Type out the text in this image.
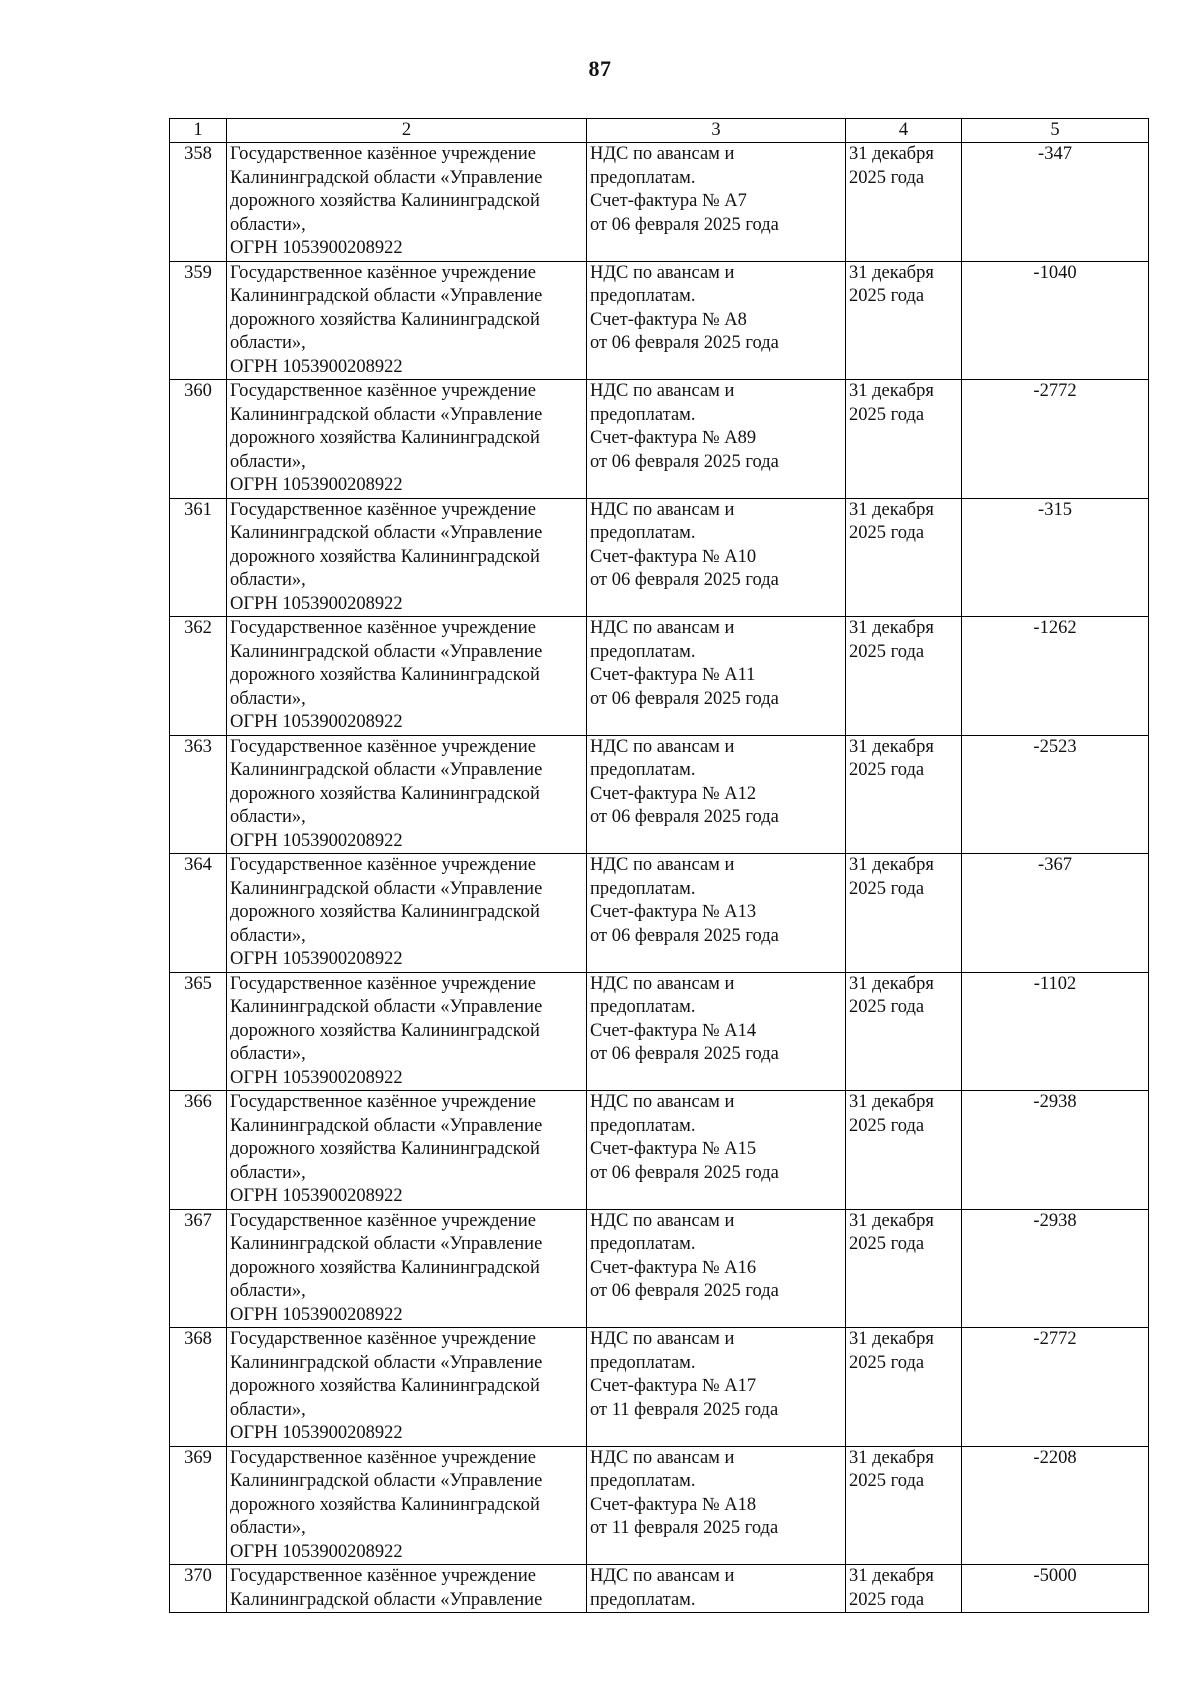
87
1	2	3	4	5
358	Государственное казённое учреждение
Калининградской области «Управление
дорожного хозяйства Калининградской
области»,
ОГРН 1053900208922	НДС по авансам и
предоплатам.
Счет-фактура № А7
от 06 февраля 2025 года	31 декабря
2025 года	-347
359	Государственное казённое учреждение
Калининградской области «Управление
дорожного хозяйства Калининградской
области»,
ОГРН 1053900208922	НДС по авансам и
предоплатам.
Счет-фактура № А8
от 06 февраля 2025 года	31 декабря
2025 года	-1040
360	Государственное казённое учреждение
Калининградской области «Управление
дорожного хозяйства Калининградской
области»,
ОГРН 1053900208922	НДС по авансам и
предоплатам.
Счет-фактура № А89
от 06 февраля 2025 года	31 декабря
2025 года	-2772
361	Государственное казённое учреждение
Калининградской области «Управление
дорожного хозяйства Калининградской
области»,
ОГРН 1053900208922	НДС по авансам и
предоплатам.
Счет-фактура № А10
от 06 февраля 2025 года	31 декабря
2025 года	-315
362	Государственное казённое учреждение
Калининградской области «Управление
дорожного хозяйства Калининградской
области»,
ОГРН 1053900208922	НДС по авансам и
предоплатам.
Счет-фактура № А11
от 06 февраля 2025 года	31 декабря
2025 года	-1262
363	Государственное казённое учреждение
Калининградской области «Управление
дорожного хозяйства Калининградской
области»,
ОГРН 1053900208922	НДС по авансам и
предоплатам.
Счет-фактура № А12
от 06 февраля 2025 года	31 декабря
2025 года	-2523
364	Государственное казённое учреждение
Калининградской области «Управление
дорожного хозяйства Калининградской
области»,
ОГРН 1053900208922	НДС по авансам и
предоплатам.
Счет-фактура № А13
от 06 февраля 2025 года	31 декабря
2025 года	-367
365	Государственное казённое учреждение
Калининградской области «Управление
дорожного хозяйства Калининградской
области»,
ОГРН 1053900208922	НДС по авансам и
предоплатам.
Счет-фактура № А14
от 06 февраля 2025 года	31 декабря
2025 года	-1102
366	Государственное казённое учреждение
Калининградской области «Управление
дорожного хозяйства Калининградской
области»,
ОГРН 1053900208922	НДС по авансам и
предоплатам.
Счет-фактура № А15
от 06 февраля 2025 года	31 декабря
2025 года	-2938
367	Государственное казённое учреждение
Калининградской области «Управление
дорожного хозяйства Калининградской
области»,
ОГРН 1053900208922	НДС по авансам и
предоплатам.
Счет-фактура № А16
от 06 февраля 2025 года	31 декабря
2025 года	-2938
368	Государственное казённое учреждение
Калининградской области «Управление
дорожного хозяйства Калининградской
области»,
ОГРН 1053900208922	НДС по авансам и
предоплатам.
Счет-фактура № А17
от 11 февраля 2025 года	31 декабря
2025 года	-2772
369	Государственное казённое учреждение
Калининградской области «Управление
дорожного хозяйства Калининградской
области»,
ОГРН 1053900208922	НДС по авансам и
предоплатам.
Счет-фактура № А18
от 11 февраля 2025 года	31 декабря
2025 года	-2208
370	Государственное казённое учреждение
Калининградской области «Управление	НДС по авансам и
предоплатам.	31 декабря
2025 года	-5000
